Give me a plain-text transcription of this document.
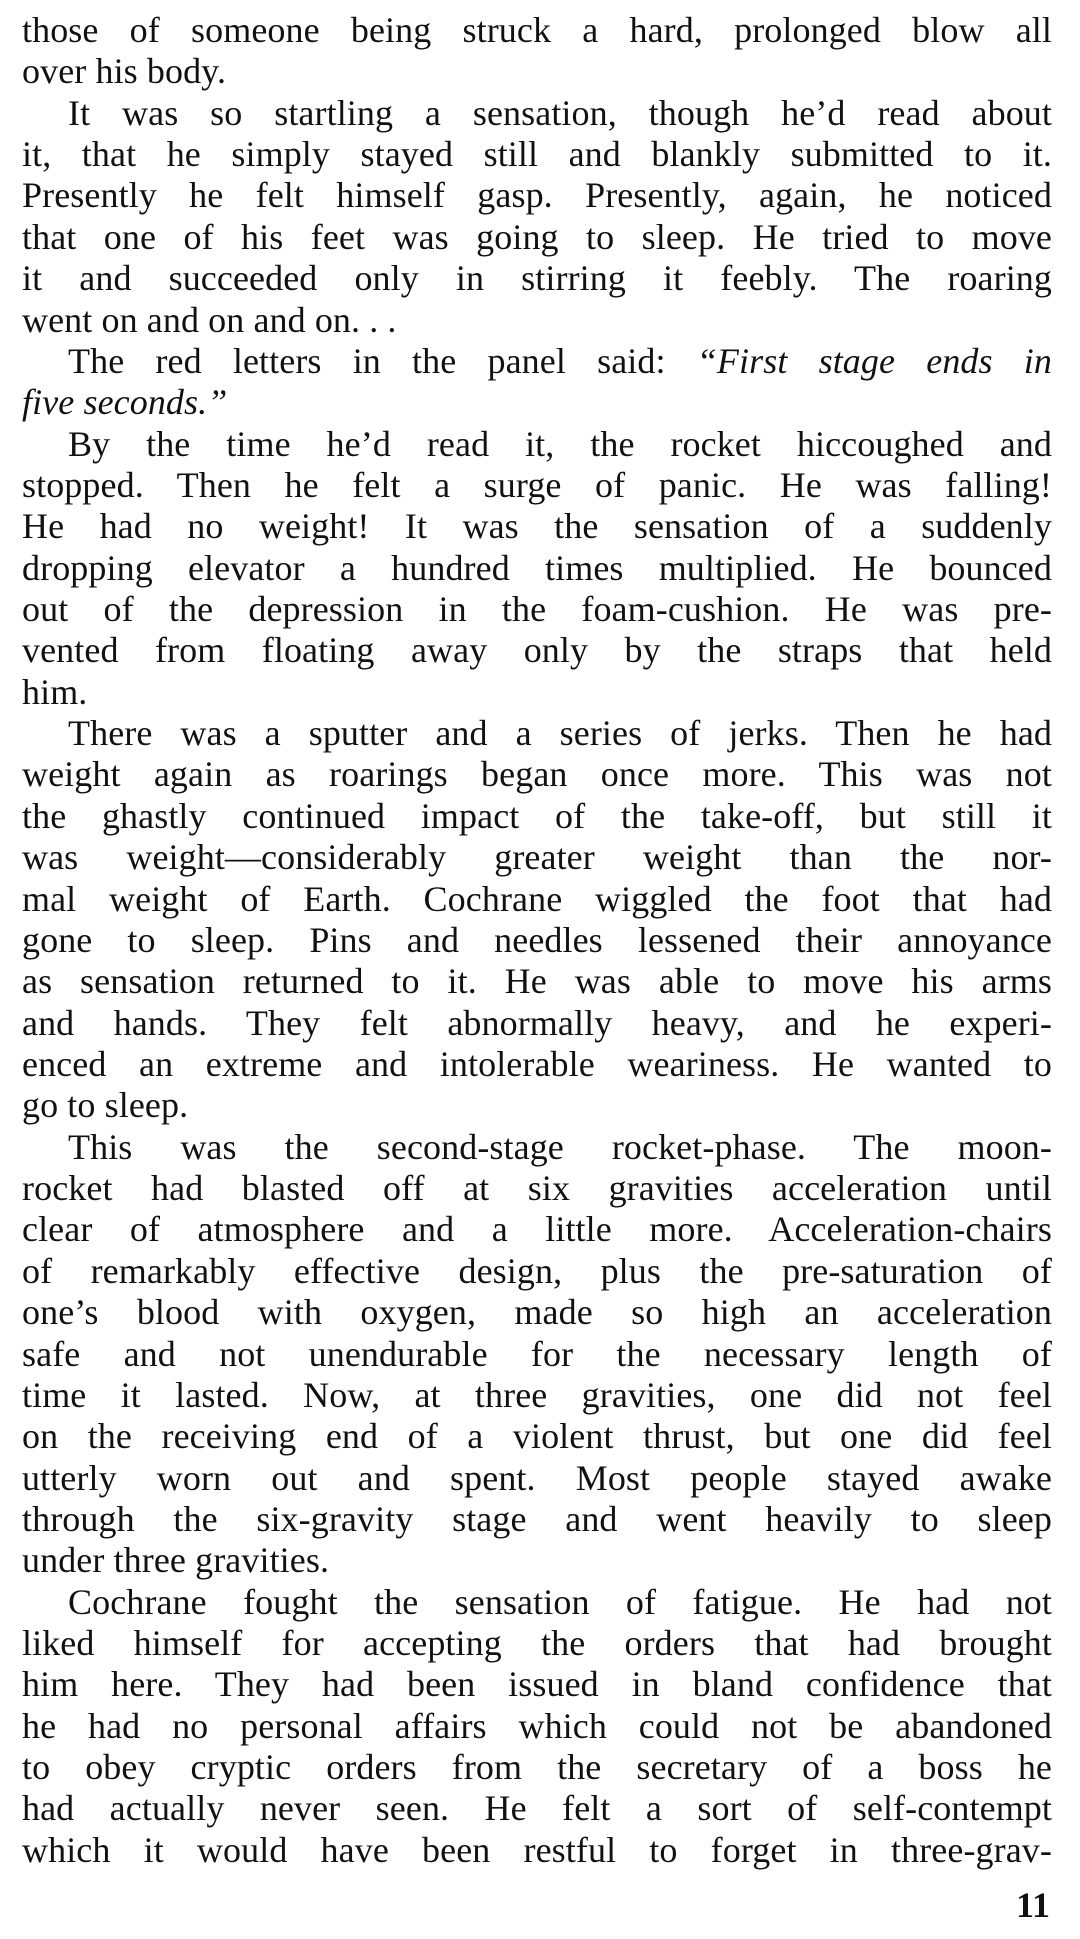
those of someone being struck a hard, prolonged blow all
over his body.
It was so startling a sensation, though he’d read about
it, that he simply stayed still and blankly submitted to it.
Presently he felt himself gasp. Presently, again, he noticed
that one of his feet was going to sleep. He tried to move
it and succeeded only in stirring it feebly. The roaring
went on and on and on. . .
The red letters in the panel said: “First stage ends in
five seconds.”
By the time he’d read it, the rocket hiccoughed and
stopped. Then he felt a surge of panic. He was falling!
He had no weight! It was the sensation of a suddenly
dropping elevator a hundred times multiplied. He bounced
out of the depression in the foam-cushion. He was pre-
vented from floating away only by the straps that held
him.
There was a sputter and a series of jerks. Then he had
weight again as roarings began once more. This was not
the ghastly continued impact of the take-off, but still it
was weight—considerably greater weight than the nor-
mal weight of Earth. Cochrane wiggled the foot that had
gone to sleep. Pins and needles lessened their annoyance
as sensation returned to it. He was able to move his arms
and hands. They felt abnormally heavy, and he experi-
enced an extreme and intolerable weariness. He wanted to
go to sleep.
This was the second-stage rocket-phase. The moon-
rocket had blasted off at six gravities acceleration until
clear of atmosphere and a little more. Acceleration-chairs
of remarkably effective design, plus the pre-saturation of
one’s blood with oxygen, made so high an acceleration
safe and not unendurable for the necessary length of
time it lasted. Now, at three gravities, one did not feel
on the receiving end of a violent thrust, but one did feel
utterly worn out and spent. Most people stayed awake
through the six-gravity stage and went heavily to sleep
under three gravities.
Cochrane fought the sensation of fatigue. He had not
liked himself for accepting the orders that had brought
him here. They had been issued in bland confidence that
he had no personal affairs which could not be abandoned
to obey cryptic orders from the secretary of a boss he
had actually never seen. He felt a sort of self-contempt
which it would have been restful to forget in three-grav-
11
